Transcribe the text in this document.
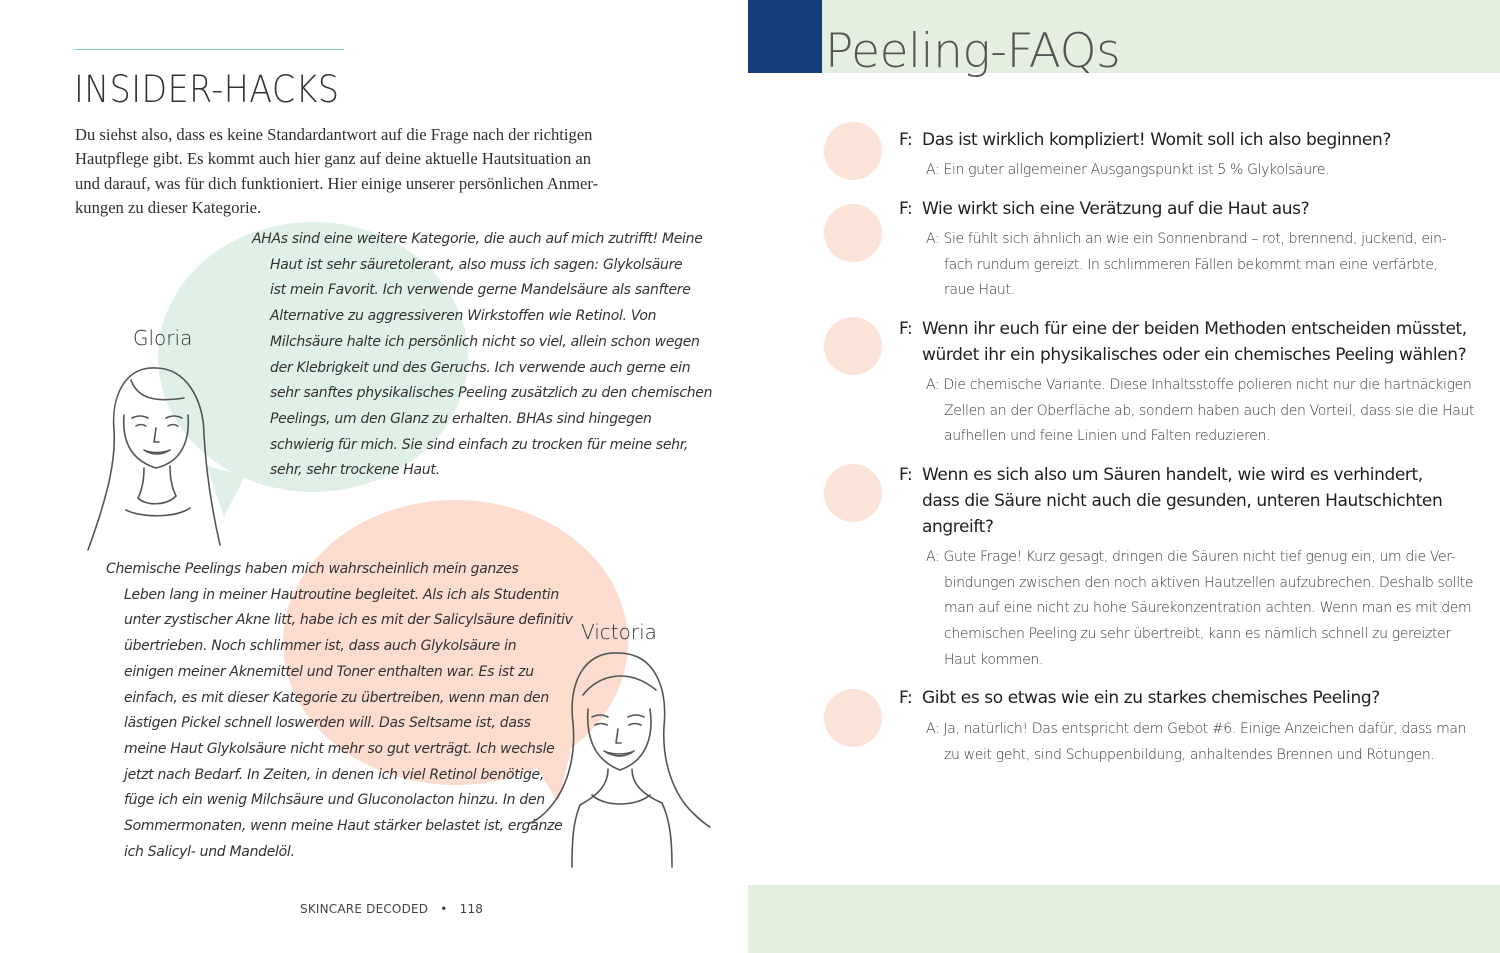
INSIDER-HACKS

Du siehst also, dass es keine Standardantwort auf die Frage nach der richtigen
Hautpflege gibt. Es kommt auch hier ganz auf deine aktuelle Hautsituation an
und darauf, was für dich funktioniert. Hier einige unserer persönlichen Anmer-
kungen zu dieser Kategorie.

Gloria

Victoria

AHAs sind eine weitere Kategorie, die auch auf mich zutrifft! Meine
Haut ist sehr säuretolerant, also muss ich sagen: Glykolsäure
ist mein Favorit. Ich verwende gerne Mandelsäure als sanftere
Alternative zu aggressiveren Wirkstoffen wie Retinol. Von
Milchsäure halte ich persönlich nicht so viel, allein schon wegen
der Klebrigkeit und des Geruchs. Ich verwende auch gerne ein
sehr sanftes physikalisches Peeling zusätzlich zu den chemischen
Peelings, um den Glanz zu erhalten. BHAs sind hingegen
schwierig für mich. Sie sind einfach zu trocken für meine sehr,
sehr, sehr trockene Haut.

Chemische Peelings haben mich wahrscheinlich mein ganzes
Leben lang in meiner Hautroutine begleitet. Als ich als Studentin
unter zystischer Akne litt, habe ich es mit der Salicylsäure definitiv
übertrieben. Noch schlimmer ist, dass auch Glykolsäure in
einigen meiner Aknemittel und Toner enthalten war. Es ist zu
einfach, es mit dieser Kategorie zu übertreiben, wenn man den
lästigen Pickel schnell loswerden will. Das Seltsame ist, dass
meine Haut Glykolsäure nicht mehr so gut verträgt. Ich wechsle
jetzt nach Bedarf. In Zeiten, in denen ich viel Retinol benötige,
füge ich ein wenig Milchsäure und Gluconolacton hinzu. In den
Sommermonaten, wenn meine Haut stärker belastet ist, ergänze
ich Salicyl- und Mandelöl.

SKINCARE DECODED • 118

Peeling-FAQs

F: Das ist wirklich kompliziert! Womit soll ich also beginnen?

A: Ein guter allgemeiner Ausgangspunkt ist 5 % Glykolsäure.

F: Wie wirkt sich eine Verätzung auf die Haut aus?

A: Sie fühlt sich ähnlich an wie ein Sonnenbrand – rot, brennend, juckend, ein-
fach rundum gereizt. In schlimmeren Fällen bekommt man eine verfärbte,
raue Haut.

F: Wenn ihr euch für eine der beiden Methoden entscheiden müsstet,
würdet ihr ein physikalisches oder ein chemisches Peeling wählen?

A: Die chemische Variante. Diese Inhaltsstoffe polieren nicht nur die hartnäckigen
Zellen an der Oberfläche ab, sondern haben auch den Vorteil, dass sie die Haut
aufhellen und feine Linien und Falten reduzieren.

F: Wenn es sich also um Säuren handelt, wie wird es verhindert,
dass die Säure nicht auch die gesunden, unteren Hautschichten
angreift?

A: Gute Frage! Kurz gesagt, dringen die Säuren nicht tief genug ein, um die Ver-
bindungen zwischen den noch aktiven Hautzellen aufzubrechen. Deshalb sollte
man auf eine nicht zu hohe Säurekonzentration achten. Wenn man es mit dem
chemischen Peeling zu sehr übertreibt, kann es nämlich schnell zu gereizter
Haut kommen.

F: Gibt es so etwas wie ein zu starkes chemisches Peeling?

A: Ja, natürlich! Das entspricht dem Gebot #6. Einige Anzeichen dafür, dass man
zu weit geht, sind Schuppenbildung, anhaltendes Brennen und Rötungen.
